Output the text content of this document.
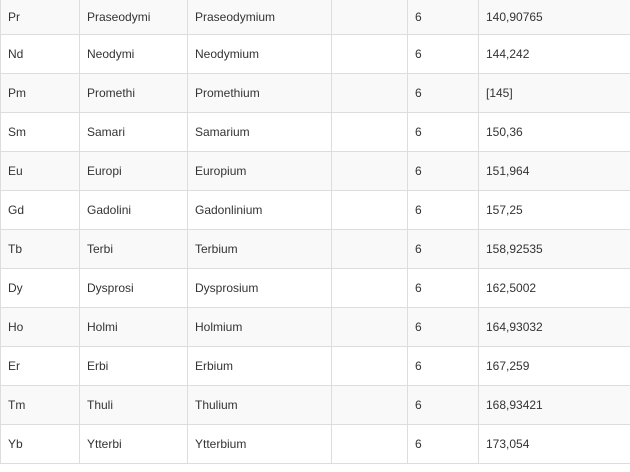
Pr	Praseodymi	Praseodymium		6	140,90765
Nd	Neodymi	Neodymium		6	144,242
Pm	Promethi	Promethium		6	[145]
Sm	Samari	Samarium		6	150,36
Eu	Europi	Europium		6	151,964
Gd	Gadolini	Gadonlinium		6	157,25
Tb	Terbi	Terbium		6	158,92535
Dy	Dysprosi	Dysprosium		6	162,5002
Ho	Holmi	Holmium		6	164,93032
Er	Erbi	Erbium		6	167,259
Tm	Thuli	Thulium		6	168,93421
Yb	Ytterbi	Ytterbium		6	173,054
